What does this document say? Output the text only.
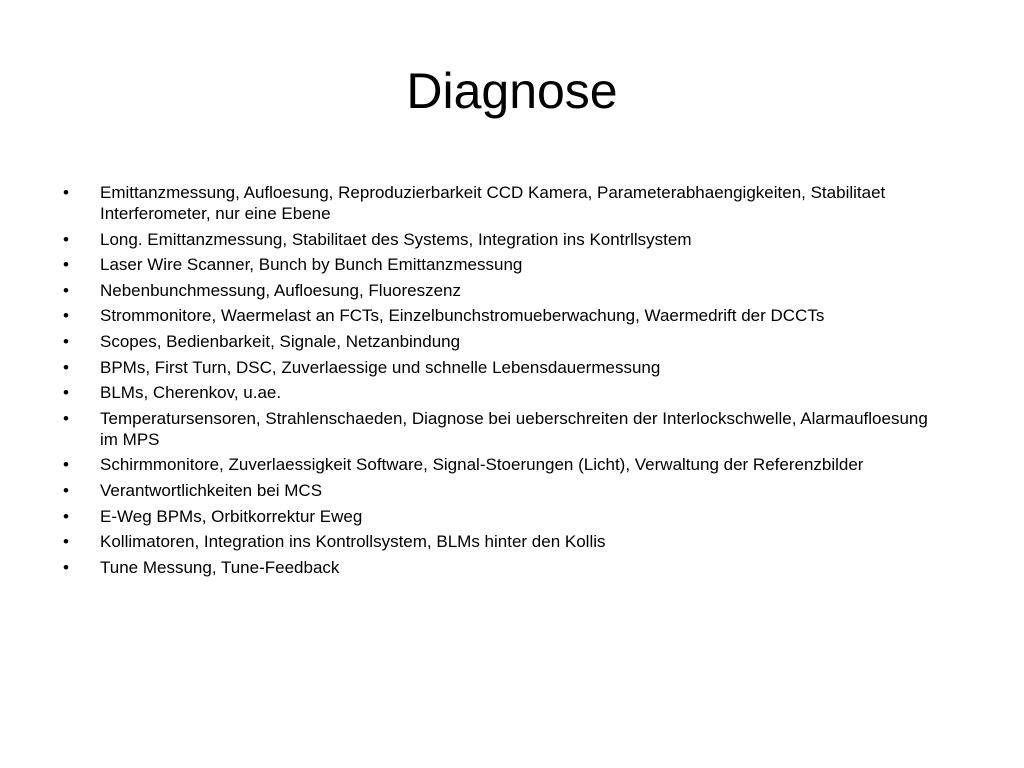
Diagnose
• Emittanzmessung, Aufloesung, Reproduzierbarkeit CCD Kamera, Parameterabhaengigkeiten, Stabilitaet Interferometer, nur eine Ebene
• Long. Emittanzmessung, Stabilitaet des Systems, Integration ins Kontrllsystem
• Laser Wire Scanner, Bunch by Bunch Emittanzmessung
• Nebenbunchmessung, Aufloesung, Fluoreszenz
• Strommonitore, Waermelast an FCTs, Einzelbunchstromueberwachung, Waermedrift der DCCTs
• Scopes, Bedienbarkeit, Signale, Netzanbindung
• BPMs, First Turn, DSC, Zuverlaessige und schnelle Lebensdauermessung
• BLMs, Cherenkov, u.ae.
• Temperatursensoren, Strahlenschaeden, Diagnose bei ueberschreiten der Interlockschwelle, Alarmaufloesung im MPS
• Schirmmonitore, Zuverlaessigkeit Software, Signal-Stoerungen (Licht), Verwaltung der Referenzbilder
• Verantwortlichkeiten bei MCS
• E-Weg BPMs, Orbitkorrektur Eweg
• Kollimatoren, Integration ins Kontrollsystem, BLMs hinter den Kollis
• Tune Messung, Tune-Feedback
